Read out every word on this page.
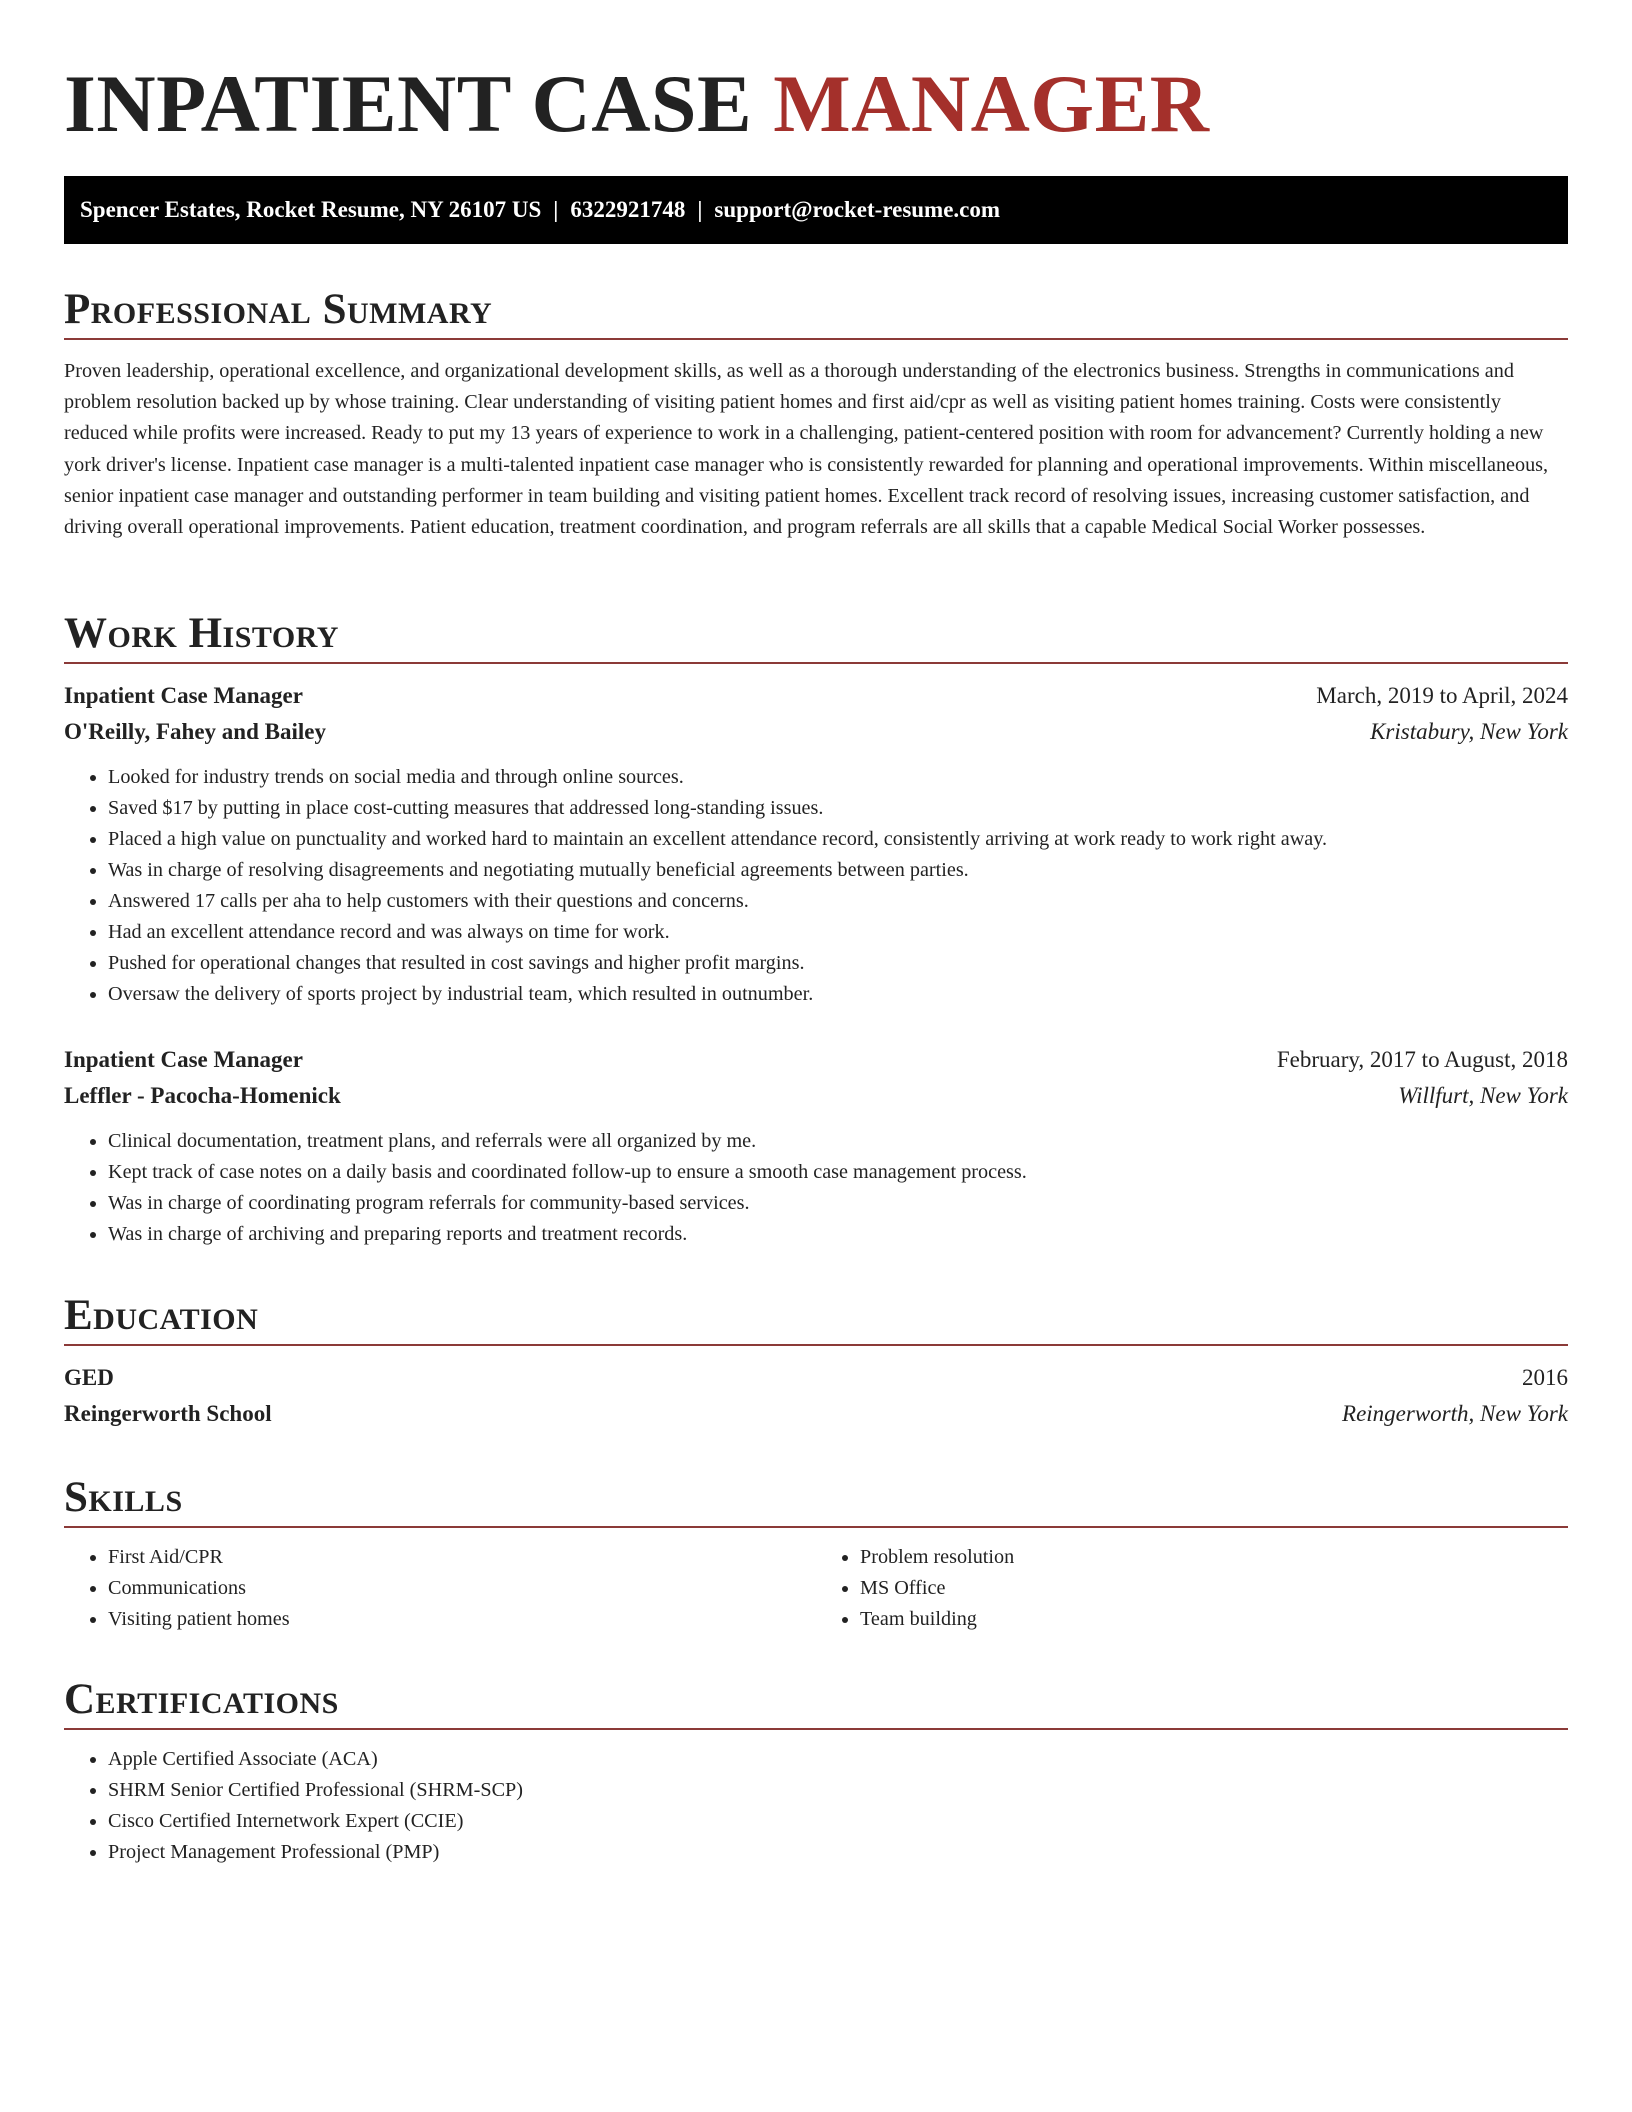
INPATIENT CASE MANAGER
Spencer Estates, Rocket Resume, NY 26107 US | 6322921748 | support@rocket-resume.com
Professional Summary

Proven leadership, operational excellence, and organizational development skills, as well as a thorough understanding of the electronics business. Strengths in communications and problem resolution backed up by whose training. Clear understanding of visiting patient homes and first aid/cpr as well as visiting patient homes training. Costs were consistently reduced while profits were increased. Ready to put my 13 years of experience to work in a challenging, patient-centered position with room for advancement? Currently holding a new york driver's license. Inpatient case manager is a multi-talented inpatient case manager who is consistently rewarded for planning and operational improvements. Within miscellaneous, senior inpatient case manager and outstanding performer in team building and visiting patient homes. Excellent track record of resolving issues, increasing customer satisfaction, and driving overall operational improvements. Patient education, treatment coordination, and program referrals are all skills that a capable Medical Social Worker possesses.

Work History
Inpatient Case Manager	March, 2019 to April, 2024
O'Reilly, Fahey and Bailey	Kristabury, New York
• Looked for industry trends on social media and through online sources.
• Saved $17 by putting in place cost-cutting measures that addressed long-standing issues.
• Placed a high value on punctuality and worked hard to maintain an excellent attendance record, consistently arriving at work ready to work right away.
• Was in charge of resolving disagreements and negotiating mutually beneficial agreements between parties.
• Answered 17 calls per aha to help customers with their questions and concerns.
• Had an excellent attendance record and was always on time for work.
• Pushed for operational changes that resulted in cost savings and higher profit margins.
• Oversaw the delivery of sports project by industrial team, which resulted in outnumber.
Inpatient Case Manager	February, 2017 to August, 2018
Leffler - Pacocha-Homenick	Willfurt, New York
• Clinical documentation, treatment plans, and referrals were all organized by me.
• Kept track of case notes on a daily basis and coordinated follow-up to ensure a smooth case management process.
• Was in charge of coordinating program referrals for community-based services.
• Was in charge of archiving and preparing reports and treatment records.
Education
GED	2016
Reingerworth School	Reingerworth, New York
Skills
• First Aid/CPR
• Communications
• Visiting patient homes
• Problem resolution
• MS Office
• Team building
Certifications
• Apple Certified Associate (ACA)
• SHRM Senior Certified Professional (SHRM-SCP)
• Cisco Certified Internetwork Expert (CCIE)
• Project Management Professional (PMP)
